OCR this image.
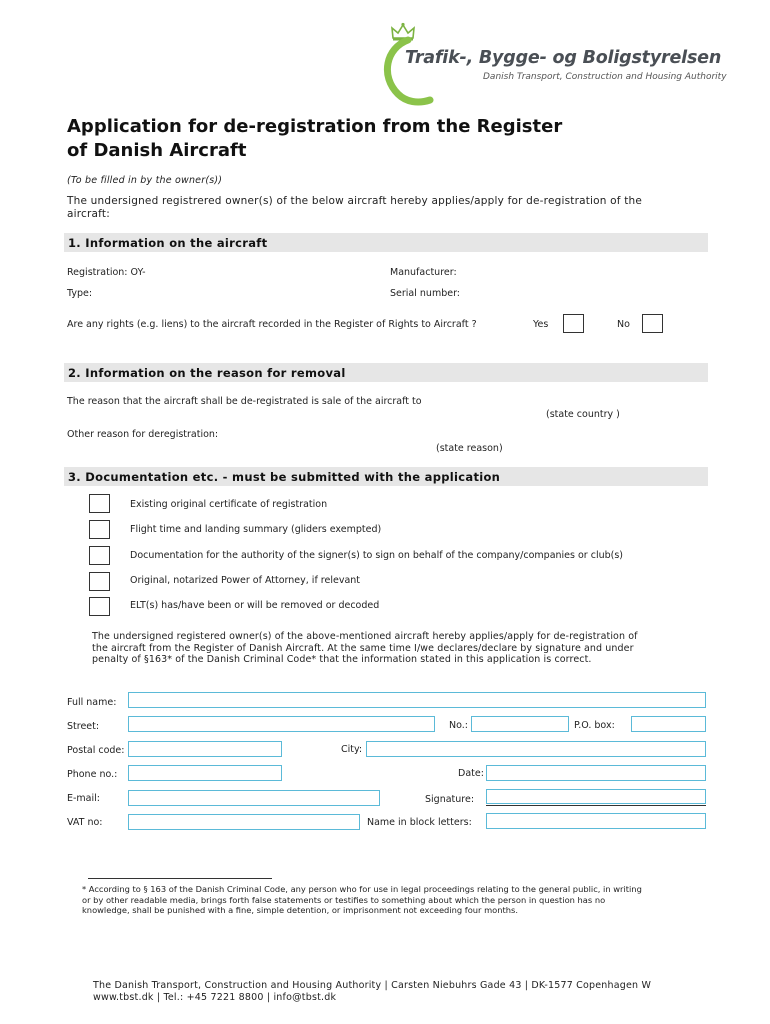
Trafik-, Bygge- og Boligstyrelsen
Danish Transport, Construction and Housing Authority
Application for de-registration from the Register
of Danish Aircraft
(To be filled in by the owner(s))
The undersigned registrered owner(s) of the below aircraft hereby applies/apply for de-registration of the
aircraft:
1. Information on the aircraft
Registration: OY-	Manufacturer:
Type:	Serial number:
Are any rights (e.g. liens) to the aircraft recorded in the Register of Rights to Aircraft ?	Yes	No
2. Information on the reason for removal
The reason that the aircraft shall be de-registrated is sale of the aircraft to
(state country )
Other reason for deregistration:
(state reason)
3. Documentation etc. - must be submitted with the application
Existing original certificate of registration
Flight time and landing summary (gliders exempted)
Documentation for the authority of the signer(s) to sign on behalf of the company/companies or club(s)
Original, notarized Power of Attorney, if relevant
ELT(s) has/have been or will be removed or decoded
The undersigned registered owner(s) of the above-mentioned aircraft hereby applies/apply for de-registration of
the aircraft from the Register of Danish Aircraft. At the same time I/we declares/declare by signature and under
penalty of §163* of the Danish Criminal Code* that the information stated in this application is correct.
Full name:
Street:	No.:	P.O. box:
Postal code:	City:
Phone no.:	Date:
E-mail:	Signature:
VAT no:	Name in block letters:
* According to § 163 of the Danish Criminal Code, any person who for use in legal proceedings relating to the general public, in writing
or by other readable media, brings forth false statements or testifies to something about which the person in question has no
knowledge, shall be punished with a fine, simple detention, or imprisonment not exceeding four months.
The Danish Transport, Construction and Housing Authority | Carsten Niebuhrs Gade 43 | DK-1577 Copenhagen W
www.tbst.dk | Tel.: +45 7221 8800 | info@tbst.dk
